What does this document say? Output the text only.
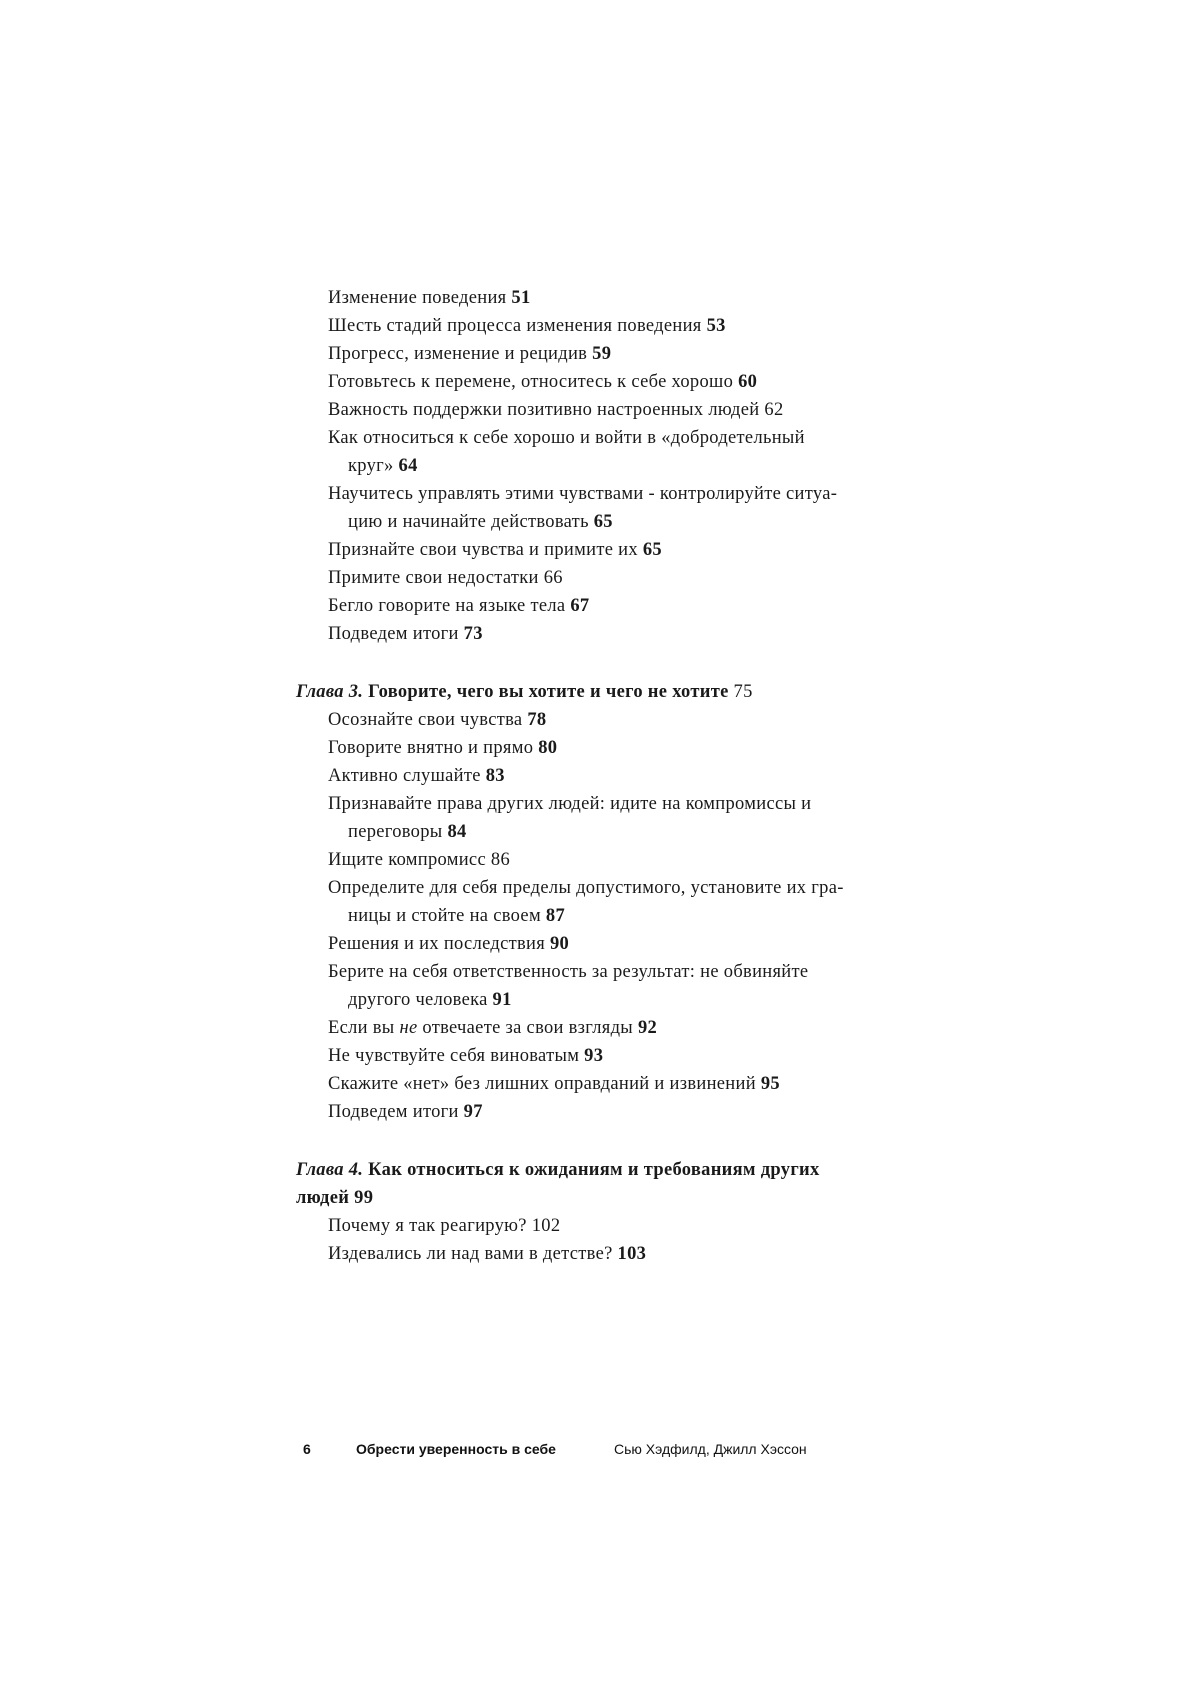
Изменение поведения 51
Шесть стадий процесса изменения поведения 53
Прогресс, изменение и рецидив 59
Готовьтесь к перемене, относитесь к себе хорошо 60
Важность поддержки позитивно настроенных людей 62
Как относиться к себе хорошо и войти в «добродетельный
круг» 64
Научитесь управлять этими чувствами - контролируйте ситуа-
цию и начинайте действовать 65
Признайте свои чувства и примите их 65
Примите свои недостатки 66
Бегло говорите на языке тела 67
Подведем итоги 73
Глава 3. Говорите, чего вы хотите и чего не хотите 75
Осознайте свои чувства 78
Говорите внятно и прямо 80
Активно слушайте 83
Признавайте права других людей: идите на компромиссы и
переговоры 84
Ищите компромисс 86
Определите для себя пределы допустимого, установите их гра-
ницы и стойте на своем 87
Решения и их последствия 90
Берите на себя ответственность за результат: не обвиняйте
другого человека 91
Если вы не отвечаете за свои взгляды 92
Не чувствуйте себя виноватым 93
Скажите «нет» без лишних оправданий и извинений 95
Подведем итоги 97
Глава 4. Как относиться к ожиданиям и требованиям других
людей 99
Почему я так реагирую? 102
Издевались ли над вами в детстве? 103
6	Обрести уверенность в себе	Сью Хэдфилд, Джилл Хэссон
